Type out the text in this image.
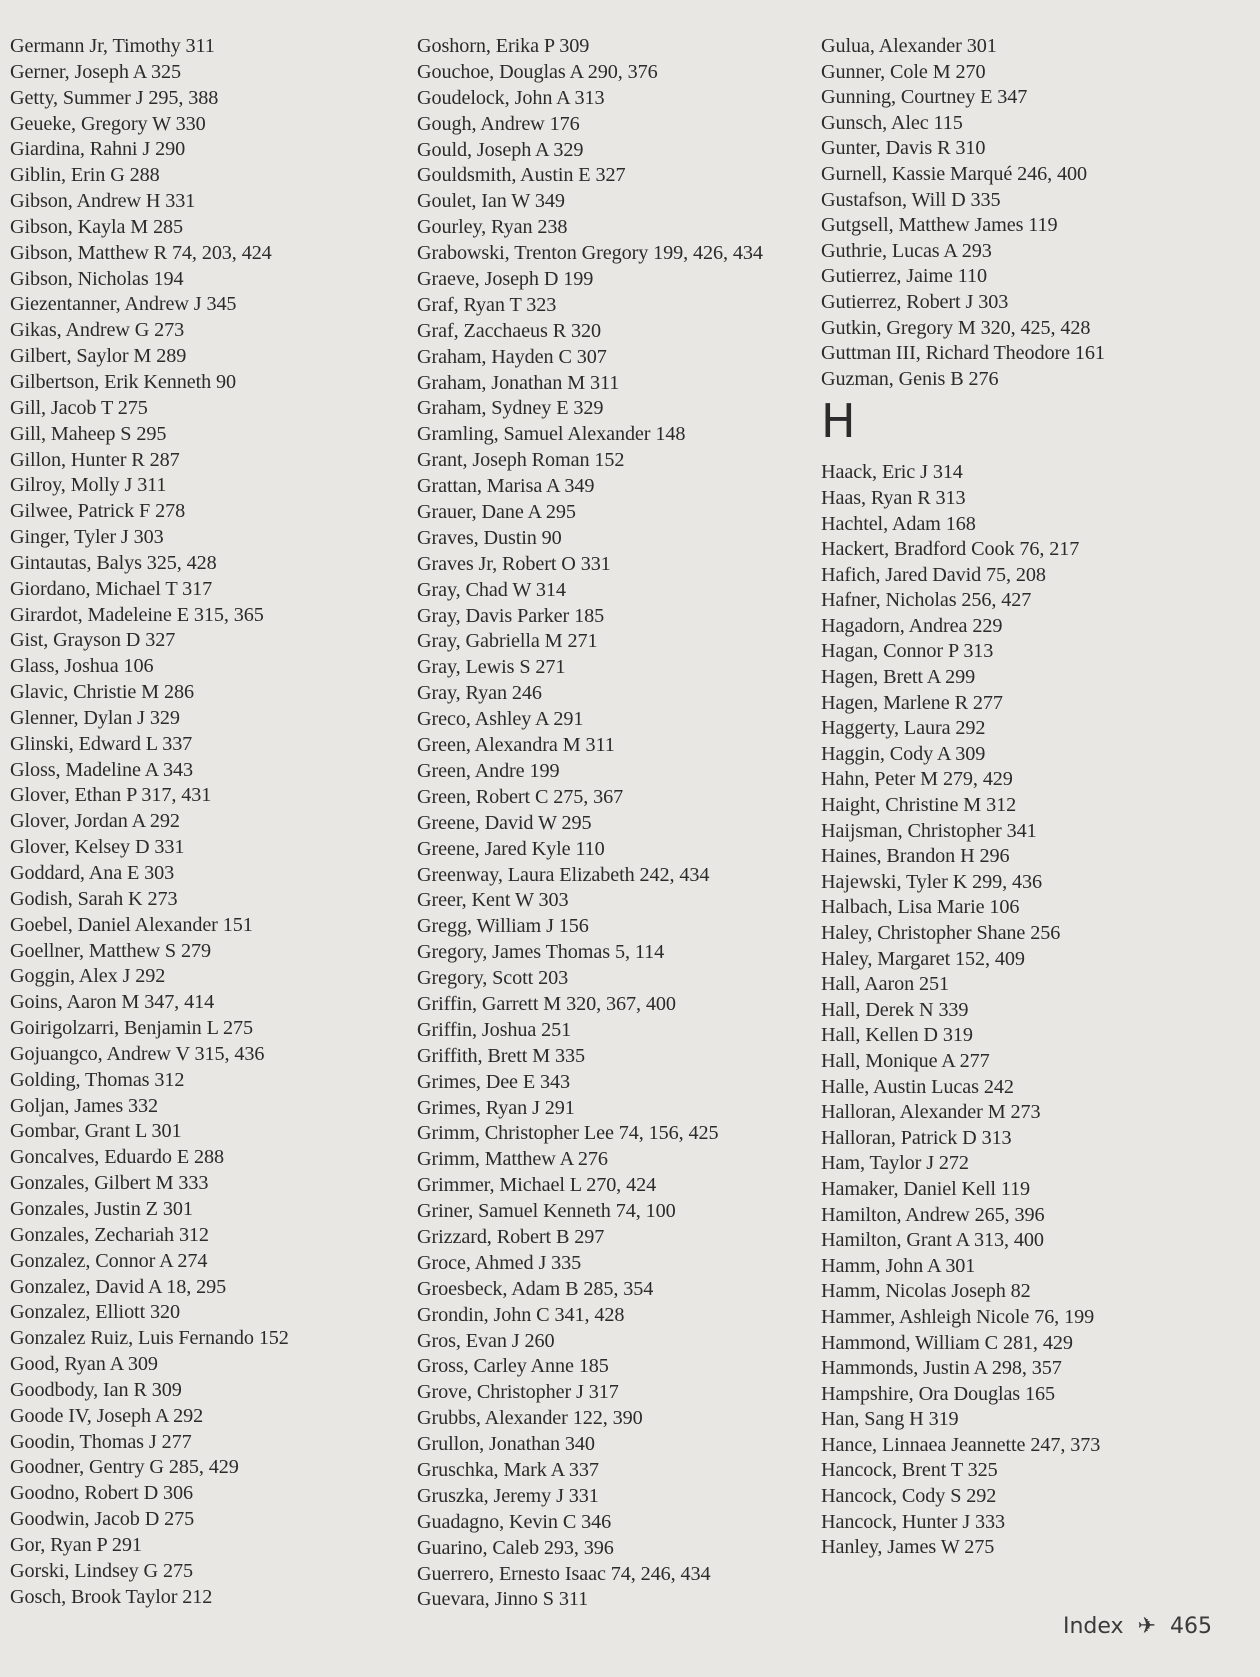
Germann Jr, Timothy 311
Gerner, Joseph A 325
Getty, Summer J 295, 388
Geueke, Gregory W 330
Giardina, Rahni J 290
Giblin, Erin G 288
Gibson, Andrew H 331
Gibson, Kayla M 285
Gibson, Matthew R 74, 203, 424
Gibson, Nicholas 194
Giezentanner, Andrew J 345
Gikas, Andrew G 273
Gilbert, Saylor M 289
Gilbertson, Erik Kenneth 90
Gill, Jacob T 275
Gill, Maheep S 295
Gillon, Hunter R 287
Gilroy, Molly J 311
Gilwee, Patrick F 278
Ginger, Tyler J 303
Gintautas, Balys 325, 428
Giordano, Michael T 317
Girardot, Madeleine E 315, 365
Gist, Grayson D 327
Glass, Joshua 106
Glavic, Christie M 286
Glenner, Dylan J 329
Glinski, Edward L 337
Gloss, Madeline A 343
Glover, Ethan P 317, 431
Glover, Jordan A 292
Glover, Kelsey D 331
Goddard, Ana E 303
Godish, Sarah K 273
Goebel, Daniel Alexander 151
Goellner, Matthew S 279
Goggin, Alex J 292
Goins, Aaron M 347, 414
Goirigolzarri, Benjamin L 275
Gojuangco, Andrew V 315, 436
Golding, Thomas 312
Goljan, James 332
Gombar, Grant L 301
Goncalves, Eduardo E 288
Gonzales, Gilbert M 333
Gonzales, Justin Z 301
Gonzales, Zechariah 312
Gonzalez, Connor A 274
Gonzalez, David A 18, 295
Gonzalez, Elliott 320
Gonzalez Ruiz, Luis Fernando 152
Good, Ryan A 309
Goodbody, Ian R 309
Goode IV, Joseph A 292
Goodin, Thomas J 277
Goodner, Gentry G 285, 429
Goodno, Robert D 306
Goodwin, Jacob D 275
Gor, Ryan P 291
Gorski, Lindsey G 275
Gosch, Brook Taylor 212
Goshorn, Erika P 309
Gouchoe, Douglas A 290, 376
Goudelock, John A 313
Gough, Andrew 176
Gould, Joseph A 329
Gouldsmith, Austin E 327
Goulet, Ian W 349
Gourley, Ryan 238
Grabowski, Trenton Gregory 199, 426, 434
Graeve, Joseph D 199
Graf, Ryan T 323
Graf, Zacchaeus R 320
Graham, Hayden C 307
Graham, Jonathan M 311
Graham, Sydney E 329
Gramling, Samuel Alexander 148
Grant, Joseph Roman 152
Grattan, Marisa A 349
Grauer, Dane A 295
Graves, Dustin 90
Graves Jr, Robert O 331
Gray, Chad W 314
Gray, Davis Parker 185
Gray, Gabriella M 271
Gray, Lewis S 271
Gray, Ryan 246
Greco, Ashley A 291
Green, Alexandra M 311
Green, Andre 199
Green, Robert C 275, 367
Greene, David W 295
Greene, Jared Kyle 110
Greenway, Laura Elizabeth 242, 434
Greer, Kent W 303
Gregg, William J 156
Gregory, James Thomas 5, 114
Gregory, Scott 203
Griffin, Garrett M 320, 367, 400
Griffin, Joshua 251
Griffith, Brett M 335
Grimes, Dee E 343
Grimes, Ryan J 291
Grimm, Christopher Lee 74, 156, 425
Grimm, Matthew A 276
Grimmer, Michael L 270, 424
Griner, Samuel Kenneth 74, 100
Grizzard, Robert B 297
Groce, Ahmed J 335
Groesbeck, Adam B 285, 354
Grondin, John C 341, 428
Gros, Evan J 260
Gross, Carley Anne 185
Grove, Christopher J 317
Grubbs, Alexander 122, 390
Grullon, Jonathan 340
Gruschka, Mark A 337
Gruszka, Jeremy J 331
Guadagno, Kevin C 346
Guarino, Caleb 293, 396
Guerrero, Ernesto Isaac 74, 246, 434
Guevara, Jinno S 311
Gulua, Alexander 301
Gunner, Cole M 270
Gunning, Courtney E 347
Gunsch, Alec 115
Gunter, Davis R 310
Gurnell, Kassie Marqué 246, 400
Gustafson, Will D 335
Gutgsell, Matthew James 119
Guthrie, Lucas A 293
Gutierrez, Jaime 110
Gutierrez, Robert J 303
Gutkin, Gregory M 320, 425, 428
Guttman III, Richard Theodore 161
Guzman, Genis B 276
H
Haack, Eric J 314
Haas, Ryan R 313
Hachtel, Adam 168
Hackert, Bradford Cook 76, 217
Hafich, Jared David 75, 208
Hafner, Nicholas 256, 427
Hagadorn, Andrea 229
Hagan, Connor P 313
Hagen, Brett A 299
Hagen, Marlene R 277
Haggerty, Laura 292
Haggin, Cody A 309
Hahn, Peter M 279, 429
Haight, Christine M 312
Haijsman, Christopher 341
Haines, Brandon H 296
Hajewski, Tyler K 299, 436
Halbach, Lisa Marie 106
Haley, Christopher Shane 256
Haley, Margaret 152, 409
Hall, Aaron 251
Hall, Derek N 339
Hall, Kellen D 319
Hall, Monique A 277
Halle, Austin Lucas 242
Halloran, Alexander M 273
Halloran, Patrick D 313
Ham, Taylor J 272
Hamaker, Daniel Kell 119
Hamilton, Andrew 265, 396
Hamilton, Grant A 313, 400
Hamm, John A 301
Hamm, Nicolas Joseph 82
Hammer, Ashleigh Nicole 76, 199
Hammond, William C 281, 429
Hammonds, Justin A 298, 357
Hampshire, Ora Douglas 165
Han, Sang H 319
Hance, Linnaea Jeannette 247, 373
Hancock, Brent T 325
Hancock, Cody S 292
Hancock, Hunter J 333
Hanley, James W 275
Index ✈ 465
